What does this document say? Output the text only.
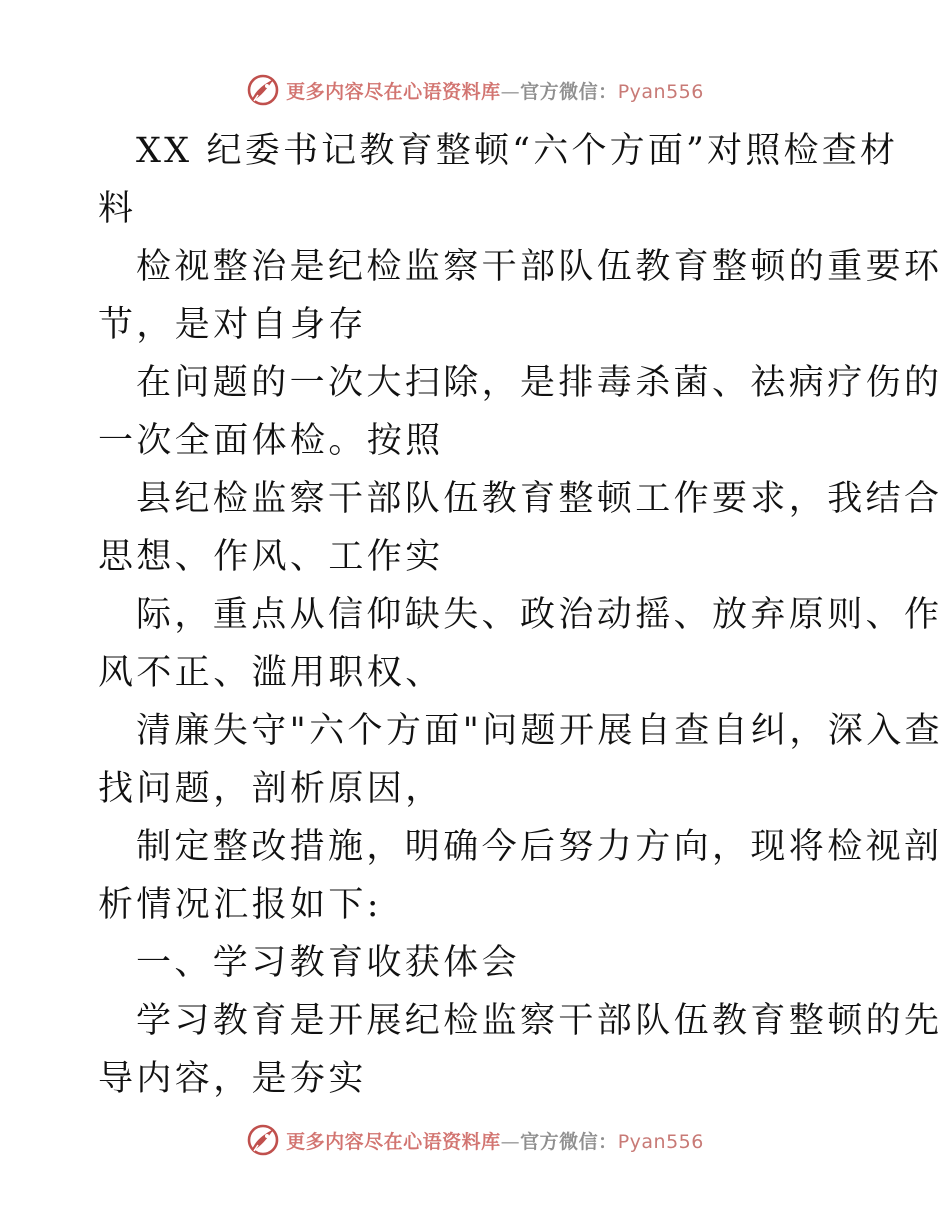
更多内容尽在心语资料库—官方微信：Pyan556
XX 纪委书记教育整顿“六个方面”对照检查材
料
检视整治是纪检监察干部队伍教育整顿的重要环
节，是对自身存
在问题的一次大扫除，是排毒杀菌、祛病疗伤的
一次全面体检。按照
县纪检监察干部队伍教育整顿工作要求，我结合
思想、作风、工作实
际，重点从信仰缺失、政治动摇、放弃原则、作
风不正、滥用职权、
清廉失守"六个方面"问题开展自查自纠，深入查
找问题，剖析原因，
制定整改措施，明确今后努力方向，现将检视剖
析情况汇报如下:
一、学习教育收获体会
学习教育是开展纪检监察干部队伍教育整顿的先
导内容，是夯实
更多内容尽在心语资料库—官方微信：Pyan556
